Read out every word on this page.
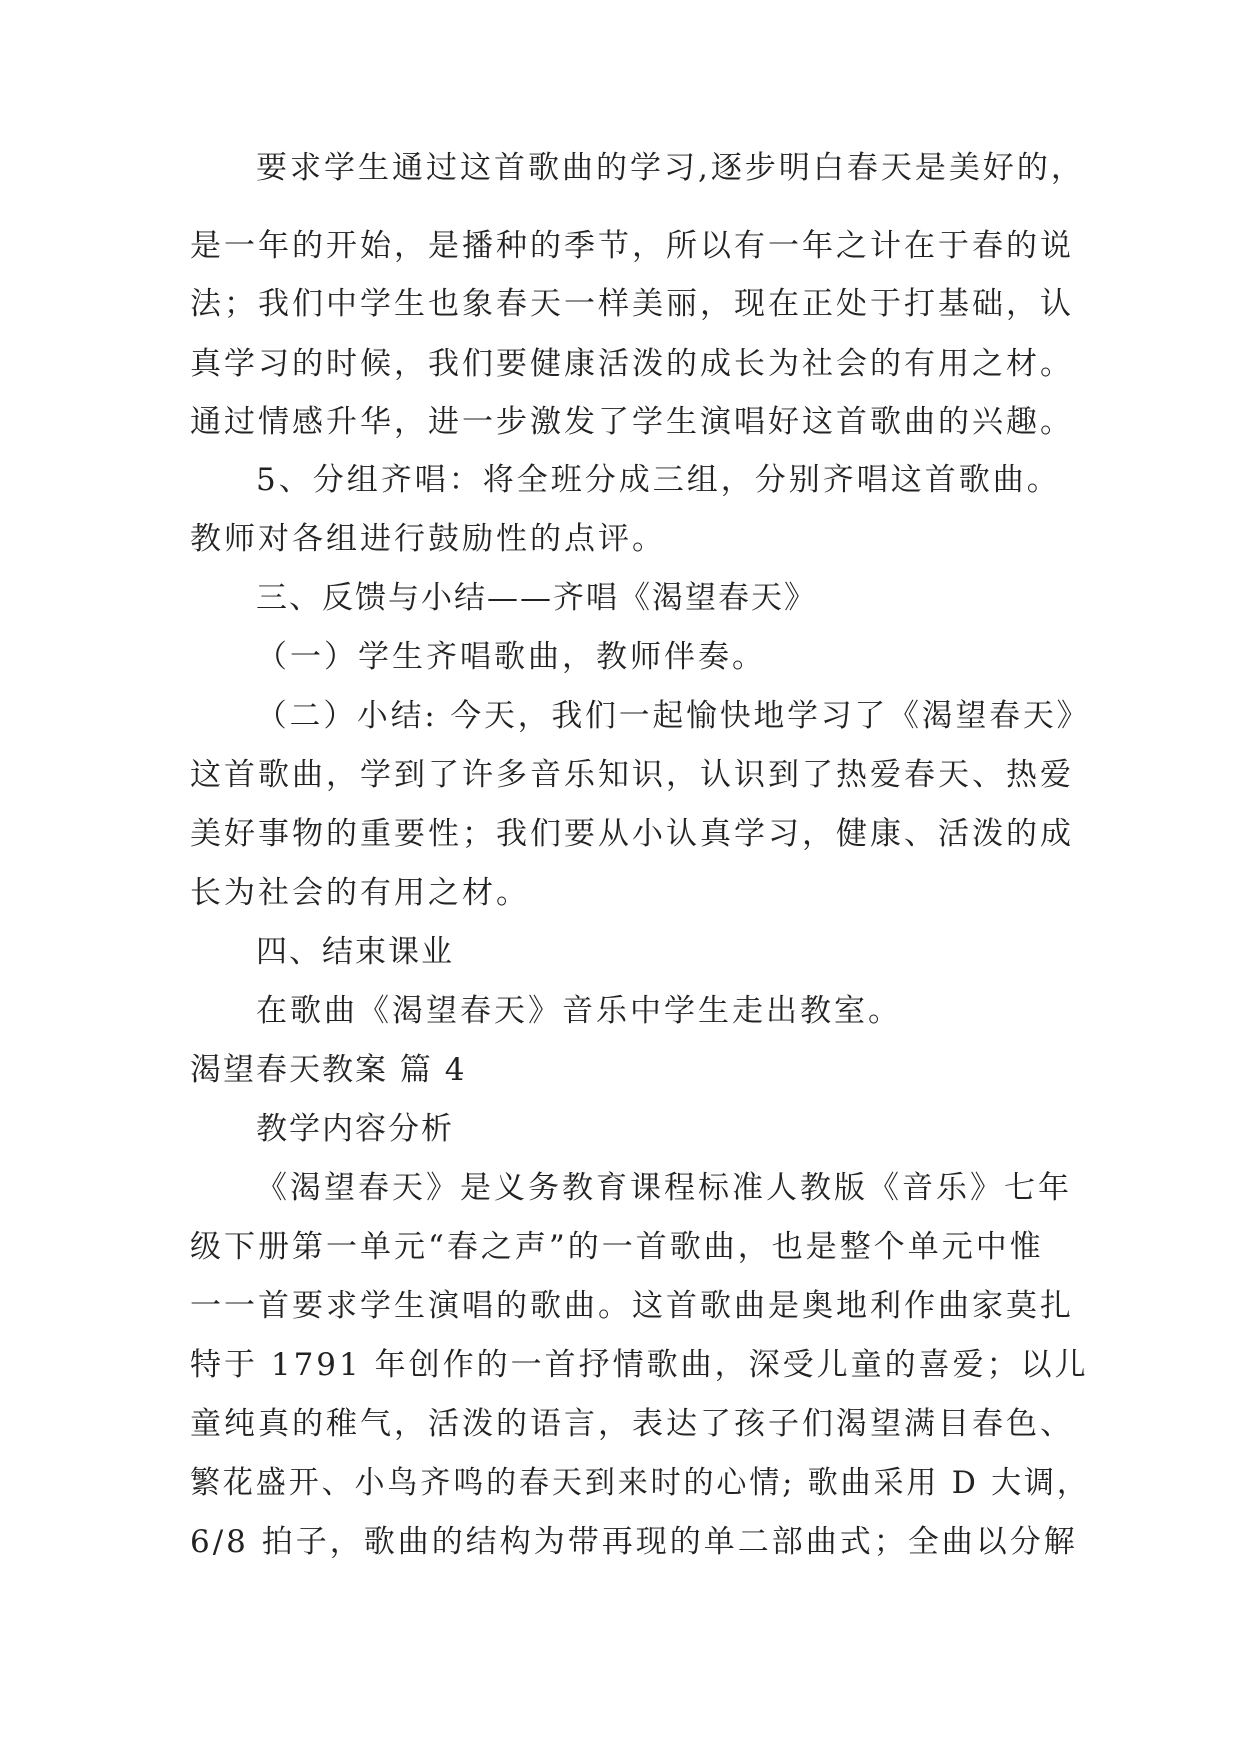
要求学生通过这首歌曲的学习,逐步明白春天是美好的，
是一年的开始，是播种的季节，所以有一年之计在于春的说
法；我们中学生也象春天一样美丽，现在正处于打基础，认
真学习的时候，我们要健康活泼的成长为社会的有用之材。
通过情感升华，进一步激发了学生演唱好这首歌曲的兴趣。
5、分组齐唱：将全班分成三组，分别齐唱这首歌曲。
教师对各组进行鼓励性的点评。
三、反馈与小结——齐唱《渴望春天》
（一）学生齐唱歌曲，教师伴奏。
（二）小结: 今天，我们一起愉快地学习了《渴望春天》
这首歌曲，学到了许多音乐知识，认识到了热爱春天、热爱
美好事物的重要性；我们要从小认真学习，健康、活泼的成
长为社会的有用之材。
四、结束课业
在歌曲《渴望春天》音乐中学生走出教室。
渴望春天教案 篇 4
教学内容分析
《渴望春天》是义务教育课程标准人教版《音乐》七年
级下册第一单元“春之声”的一首歌曲，也是整个单元中惟
一一首要求学生演唱的歌曲。这首歌曲是奥地利作曲家莫扎
特于 1791 年创作的一首抒情歌曲，深受儿童的喜爱；以儿
童纯真的稚气，活泼的语言，表达了孩子们渴望满目春色、
繁花盛开、小鸟齐鸣的春天到来时的心情; 歌曲采用 D 大调，
6/8 拍子，歌曲的结构为带再现的单二部曲式；全曲以分解
